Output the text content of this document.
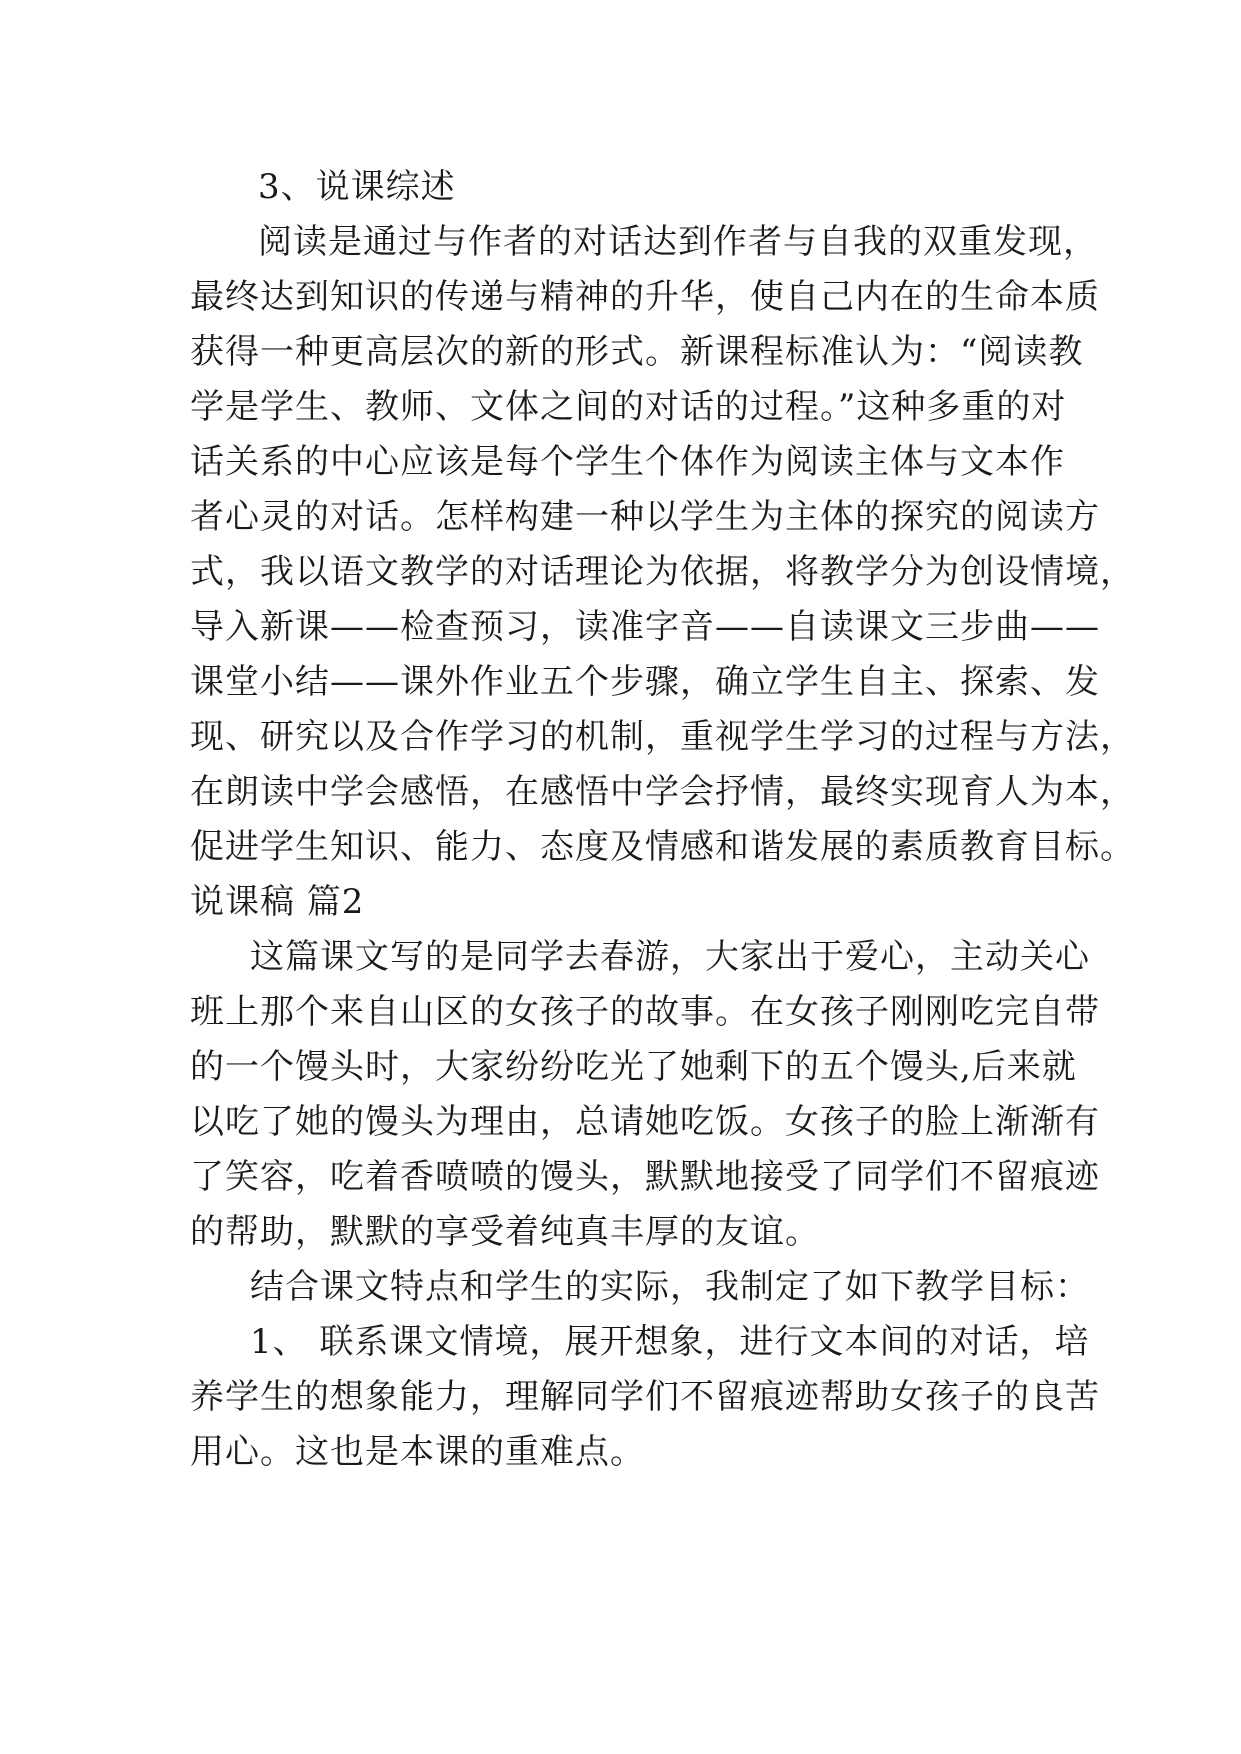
3、说课综述
阅读是通过与作者的对话达到作者与自我的双重发现，
最终达到知识的传递与精神的升华，使自己内在的生命本质
获得一种更高层次的新的形式。新课程标准认为：“阅读教
学是学生、教师、文体之间的对话的过程。”这种多重的对
话关系的中心应该是每个学生个体作为阅读主体与文本作
者心灵的对话。怎样构建一种以学生为主体的探究的阅读方
式，我以语文教学的对话理论为依据，将教学分为创设情境，
导入新课——检查预习，读准字音——自读课文三步曲——
课堂小结——课外作业五个步骤，确立学生自主、探索、发
现、研究以及合作学习的机制，重视学生学习的过程与方法，
在朗读中学会感悟，在感悟中学会抒情，最终实现育人为本，
促进学生知识、能力、态度及情感和谐发展的素质教育目标。
说课稿 篇2
这篇课文写的是同学去春游，大家出于爱心，主动关心
班上那个来自山区的女孩子的故事。在女孩子刚刚吃完自带
的一个馒头时，大家纷纷吃光了她剩下的五个馒头,后来就
以吃了她的馒头为理由，总请她吃饭。女孩子的脸上渐渐有
了笑容，吃着香喷喷的馒头，默默地接受了同学们不留痕迹
的帮助，默默的享受着纯真丰厚的友谊。
结合课文特点和学生的实际，我制定了如下教学目标：
1、 联系课文情境，展开想象，进行文本间的对话，培
养学生的想象能力，理解同学们不留痕迹帮助女孩子的良苦
用心。这也是本课的重难点。
